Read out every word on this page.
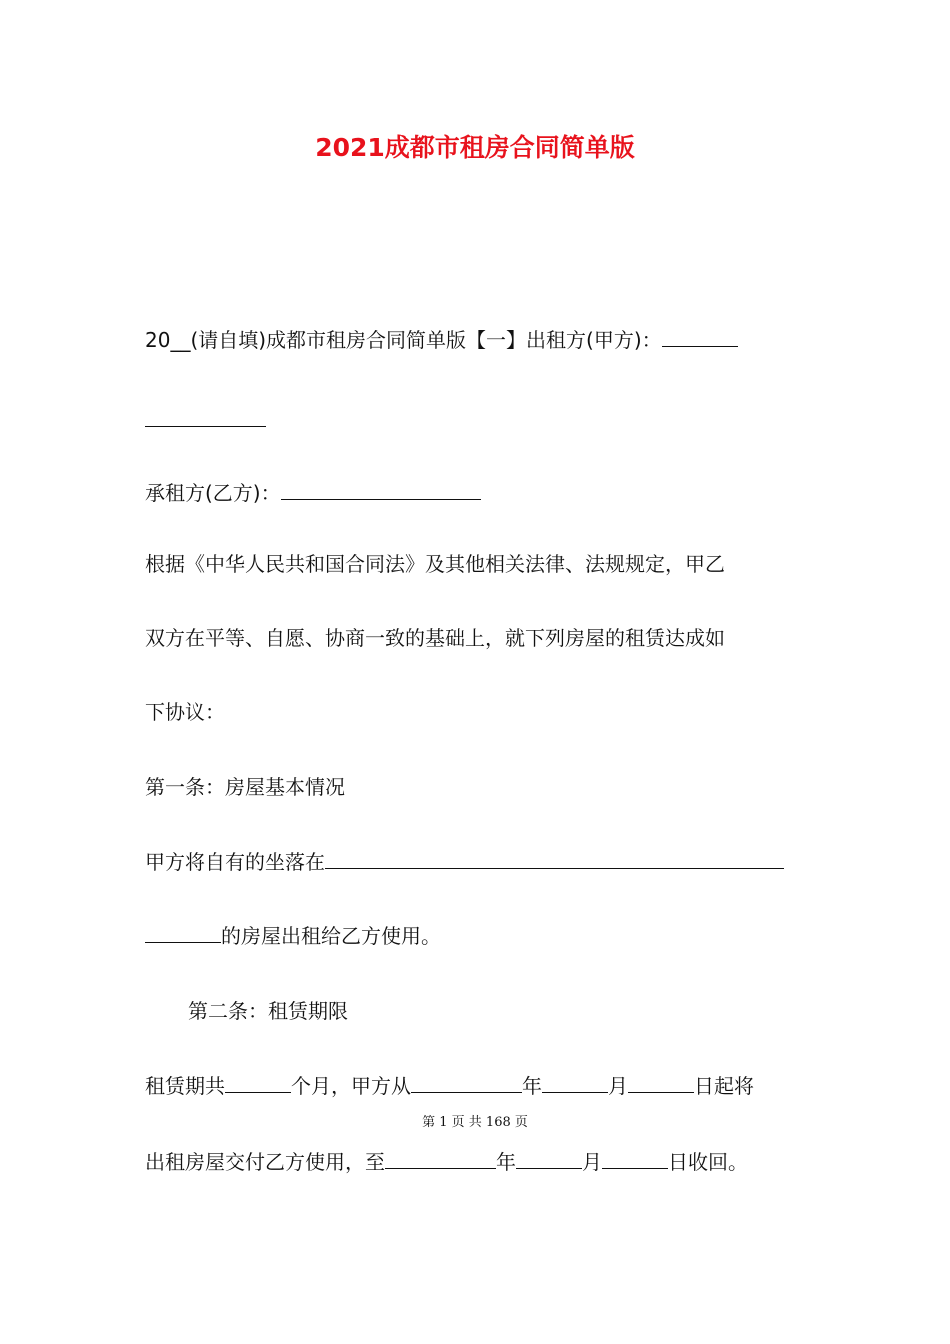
2021成都市租房合同简单版
20__(请自填)成都市租房合同简单版【一】出租方(甲方)：
承租方(乙方)：
根据《中华人民共和国合同法》及其他相关法律、法规规定，甲乙
双方在平等、自愿、协商一致的基础上，就下列房屋的租赁达成如
下协议：
第一条：房屋基本情况
甲方将自有的坐落在
的房屋出租给乙方使用。
第二条：租赁期限
租赁期共	个月，甲方从	年	月	日起将
第 1 页 共 168 页
出租房屋交付乙方使用，至	年	月	日收回。
